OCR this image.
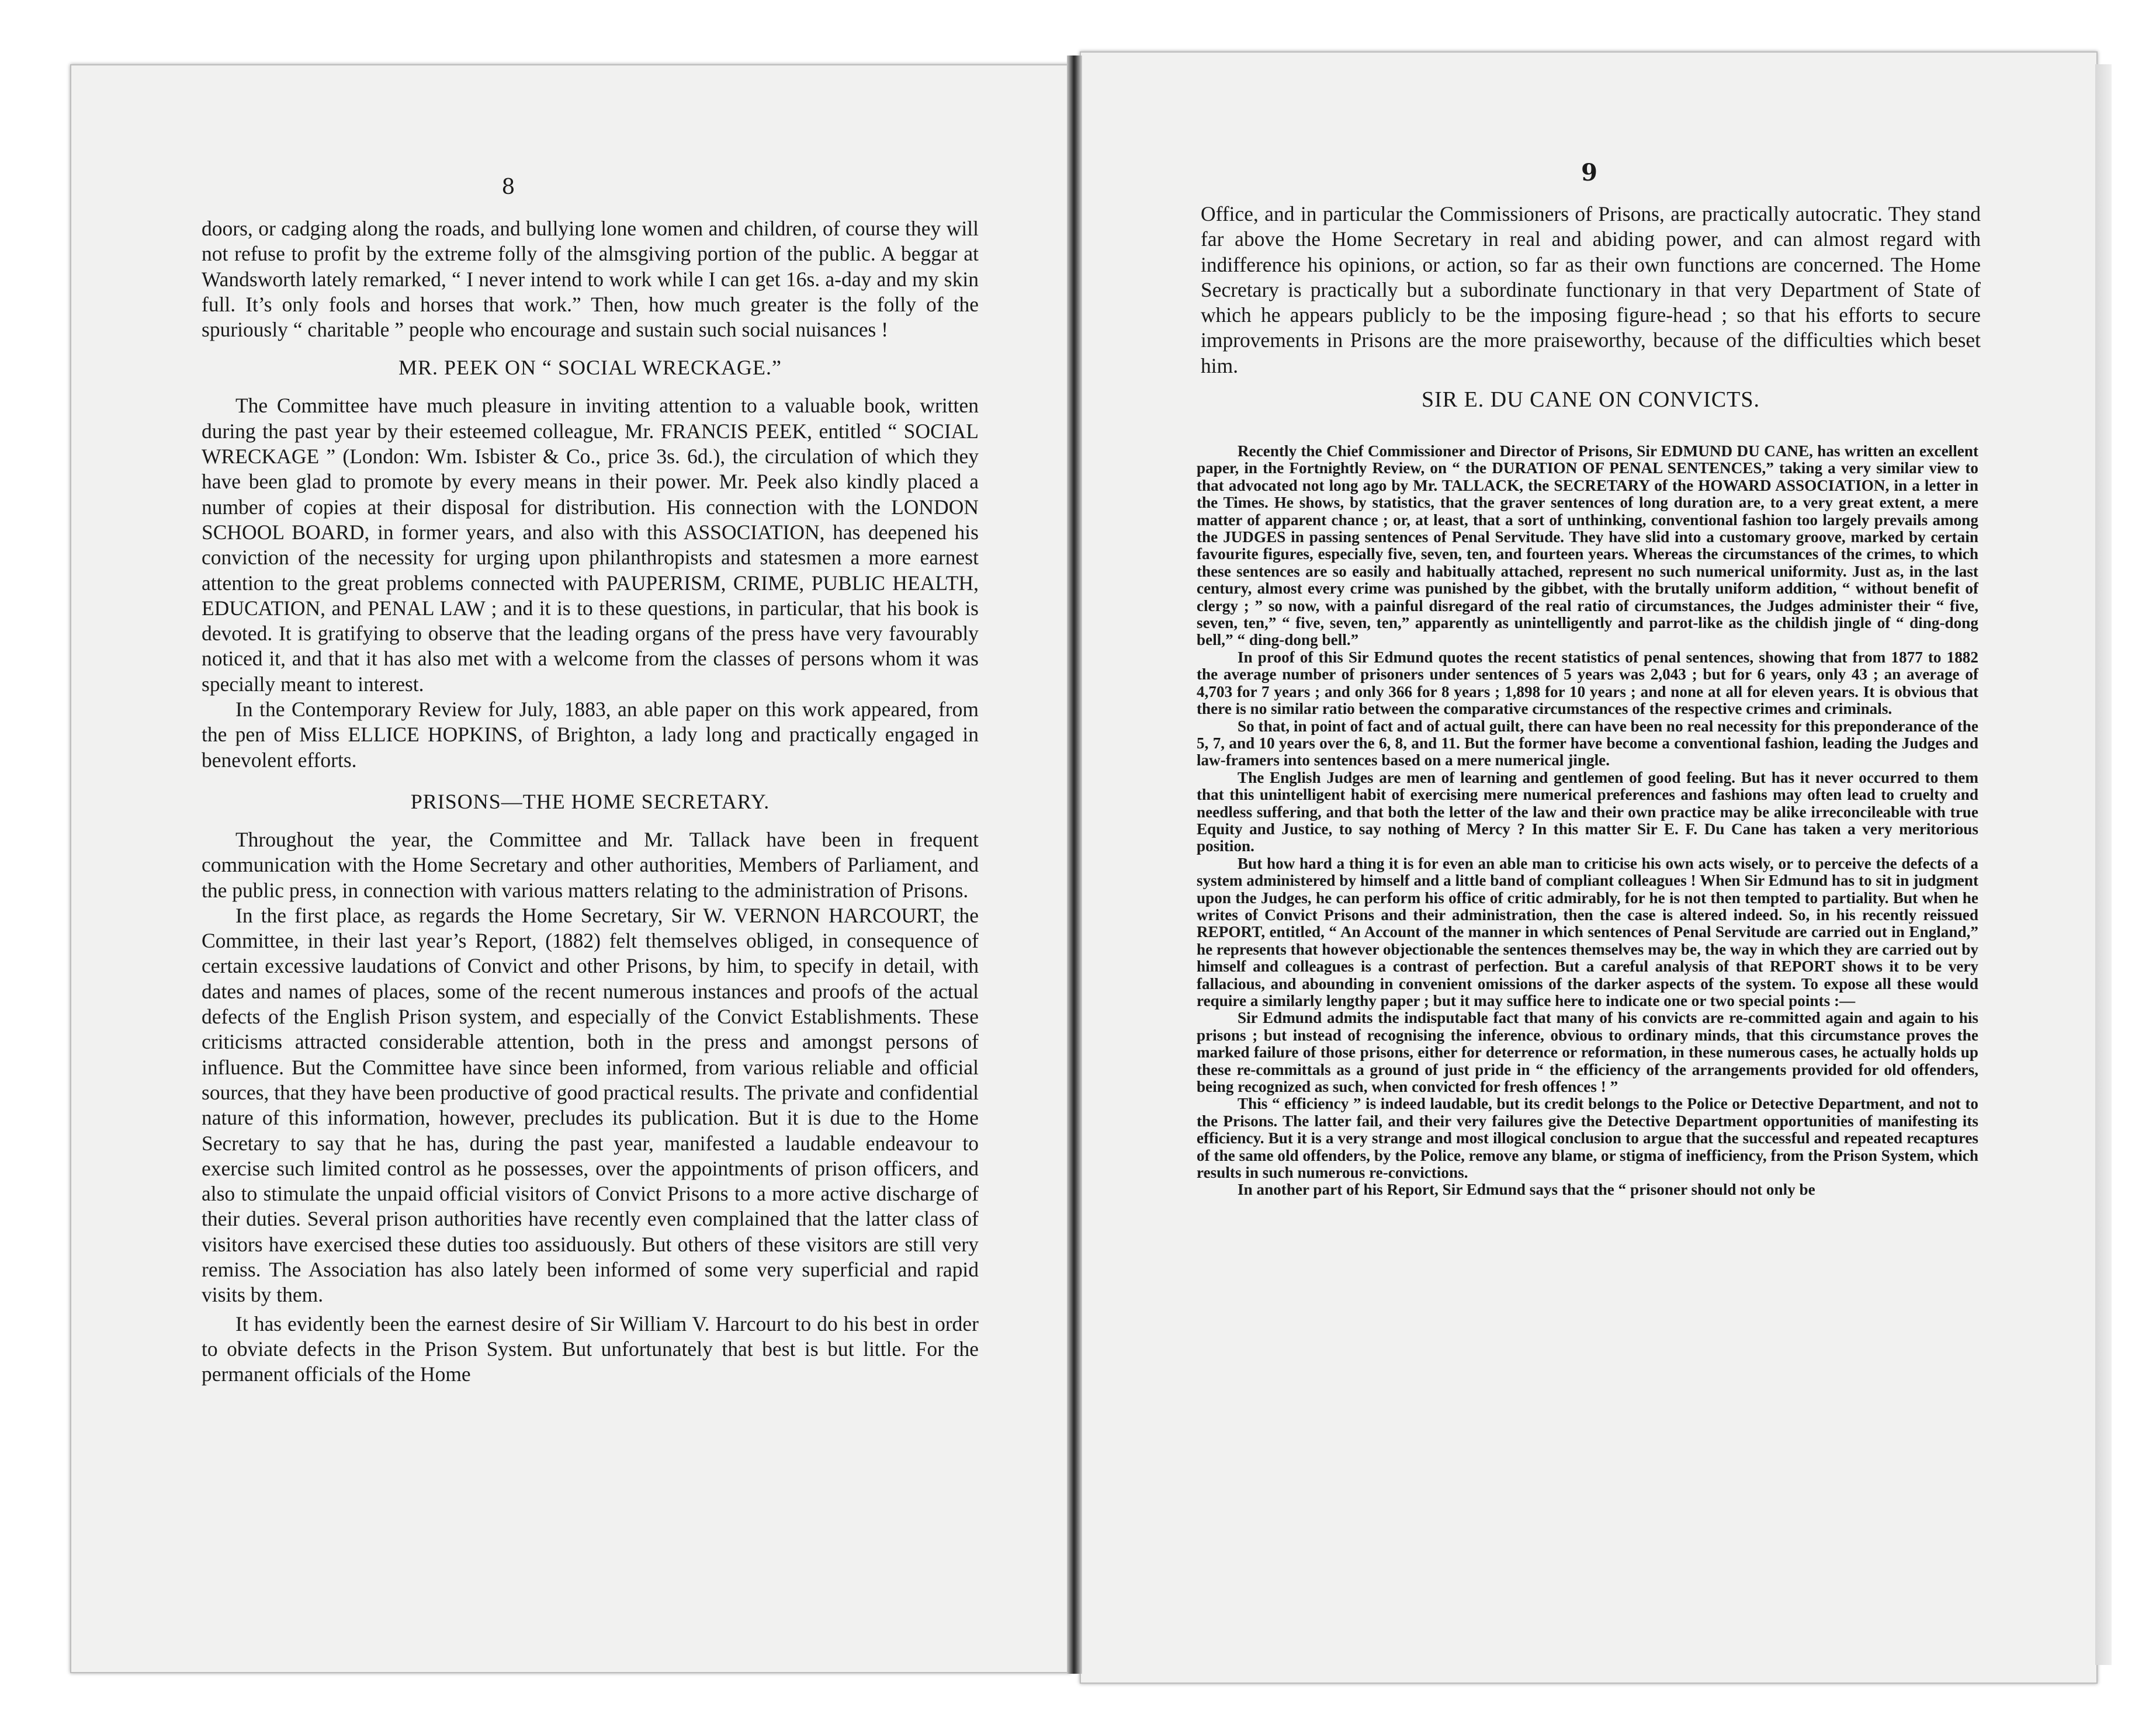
8

doors, or cadging along the roads, and bullying lone women and children, of course they will not refuse to profit by the extreme folly of the almsgiving portion of the public. A beggar at Wandsworth lately remarked, “ I never intend to work while I can get 16s. a-day and my skin full. It’s only fools and horses that work.” Then, how much greater is the folly of the spuriously “ charitable ” people who encourage and sustain such social nuisances !

MR. PEEK ON “ SOCIAL WRECKAGE.”

The Committee have much pleasure in inviting attention to a valuable book, written during the past year by their esteemed colleague, Mr. FRANCIS PEEK, entitled “ SOCIAL WRECKAGE ” (London: Wm. Isbister & Co., price 3s. 6d.), the circulation of which they have been glad to promote by every means in their power. Mr. Peek also kindly placed a number of copies at their disposal for distribution. His connection with the LONDON SCHOOL BOARD, in former years, and also with this ASSOCIATION, has deepened his conviction of the necessity for urging upon philanthropists and statesmen a more earnest attention to the great problems connected with PAUPERISM, CRIME, PUBLIC HEALTH, EDUCATION, and PENAL LAW ; and it is to these questions, in particular, that his book is devoted. It is gratifying to observe that the leading organs of the press have very favourably noticed it, and that it has also met with a welcome from the classes of persons whom it was specially meant to interest.

In the Contemporary Review for July, 1883, an able paper on this work appeared, from the pen of Miss ELLICE HOPKINS, of Brighton, a lady long and practically engaged in benevolent efforts.

PRISONS—THE HOME SECRETARY.

Throughout the year, the Committee and Mr. Tallack have been in frequent communication with the Home Secretary and other authorities, Members of Parliament, and the public press, in connection with various matters relating to the administration of Prisons.

In the first place, as regards the Home Secretary, Sir W. VERNON HARCOURT, the Committee, in their last year’s Report, (1882) felt themselves obliged, in consequence of certain excessive laudations of Convict and other Prisons, by him, to specify in detail, with dates and names of places, some of the recent numerous instances and proofs of the actual defects of the English Prison system, and especially of the Convict Establishments. These criticisms attracted considerable attention, both in the press and amongst persons of influence. But the Committee have since been informed, from various reliable and official sources, that they have been productive of good practical results. The private and confidential nature of this information, however, precludes its publication. But it is due to the Home Secretary to say that he has, during the past year, manifested a laudable endeavour to exercise such limited control as he possesses, over the appointments of prison officers, and also to stimulate the unpaid official visitors of Convict Prisons to a more active discharge of their duties. Several prison authorities have recently even complained that the latter class of visitors have exercised these duties too assiduously. But others of these visitors are still very remiss. The Association has also lately been informed of some very superficial and rapid visits by them.

It has evidently been the earnest desire of Sir William V. Harcourt to do his best in order to obviate defects in the Prison System. But unfortunately that best is but little. For the permanent officials of the Home

9

Office, and in particular the Commissioners of Prisons, are practically autocratic. They stand far above the Home Secretary in real and abiding power, and can almost regard with indifference his opinions, or action, so far as their own functions are concerned. The Home Secretary is practically but a subordinate functionary in that very Department of State of which he appears publicly to be the imposing figure-head ; so that his efforts to secure improvements in Prisons are the more praiseworthy, because of the difficulties which beset him.

SIR E. DU CANE ON CONVICTS.

Recently the Chief Commissioner and Director of Prisons, Sir EDMUND DU CANE, has written an excellent paper, in the Fortnightly Review, on “ the DURATION OF PENAL SENTENCES,” taking a very similar view to that advocated not long ago by Mr. TALLACK, the SECRETARY of the HOWARD ASSOCIATION, in a letter in the Times. He shows, by statistics, that the graver sentences of long duration are, to a very great extent, a mere matter of apparent chance ; or, at least, that a sort of unthinking, conventional fashion too largely prevails among the JUDGES in passing sentences of Penal Servitude. They have slid into a customary groove, marked by certain favourite figures, especially five, seven, ten, and fourteen years. Whereas the circumstances of the crimes, to which these sentences are so easily and habitually attached, represent no such numerical uniformity. Just as, in the last century, almost every crime was punished by the gibbet, with the brutally uniform addition, “ without benefit of clergy ; ” so now, with a painful disregard of the real ratio of circumstances, the Judges administer their “ five, seven, ten,” “ five, seven, ten,” apparently as unintelligently and parrot-like as the childish jingle of “ ding-dong bell,” “ ding-dong bell.”

In proof of this Sir Edmund quotes the recent statistics of penal sentences, showing that from 1877 to 1882 the average number of prisoners under sentences of 5 years was 2,043 ; but for 6 years, only 43 ; an average of 4,703 for 7 years ; and only 366 for 8 years ; 1,898 for 10 years ; and none at all for eleven years. It is obvious that there is no similar ratio between the comparative circumstances of the respective crimes and criminals.

So that, in point of fact and of actual guilt, there can have been no real necessity for this preponderance of the 5, 7, and 10 years over the 6, 8, and 11. But the former have become a conventional fashion, leading the Judges and law-framers into sentences based on a mere numerical jingle.

The English Judges are men of learning and gentlemen of good feeling. But has it never occurred to them that this unintelligent habit of exercising mere numerical preferences and fashions may often lead to cruelty and needless suffering, and that both the letter of the law and their own practice may be alike irreconcileable with true Equity and Justice, to say nothing of Mercy ? In this matter Sir E. F. Du Cane has taken a very meritorious position.

But how hard a thing it is for even an able man to criticise his own acts wisely, or to perceive the defects of a system administered by himself and a little band of compliant colleagues ! When Sir Edmund has to sit in judgment upon the Judges, he can perform his office of critic admirably, for he is not then tempted to partiality. But when he writes of Convict Prisons and their administration, then the case is altered indeed. So, in his recently reissued REPORT, entitled, “ An Account of the manner in which sentences of Penal Servitude are carried out in England,” he represents that however objectionable the sentences themselves may be, the way in which they are carried out by himself and colleagues is a contrast of perfection. But a careful analysis of that REPORT shows it to be very fallacious, and abounding in convenient omissions of the darker aspects of the system. To expose all these would require a similarly lengthy paper ; but it may suffice here to indicate one or two special points :—

Sir Edmund admits the indisputable fact that many of his convicts are re-committed again and again to his prisons ; but instead of recognising the inference, obvious to ordinary minds, that this circumstance proves the marked failure of those prisons, either for deterrence or reformation, in these numerous cases, he actually holds up these re-committals as a ground of just pride in “ the efficiency of the arrangements provided for old offenders, being recognized as such, when convicted for fresh offences ! ”

This “ efficiency ” is indeed laudable, but its credit belongs to the Police or Detective Department, and not to the Prisons. The latter fail, and their very failures give the Detective Department opportunities of manifesting its efficiency. But it is a very strange and most illogical conclusion to argue that the successful and repeated recaptures of the same old offenders, by the Police, remove any blame, or stigma of inefficiency, from the Prison System, which results in such numerous re-convictions.

In another part of his Report, Sir Edmund says that the “ prisoner should not only be
